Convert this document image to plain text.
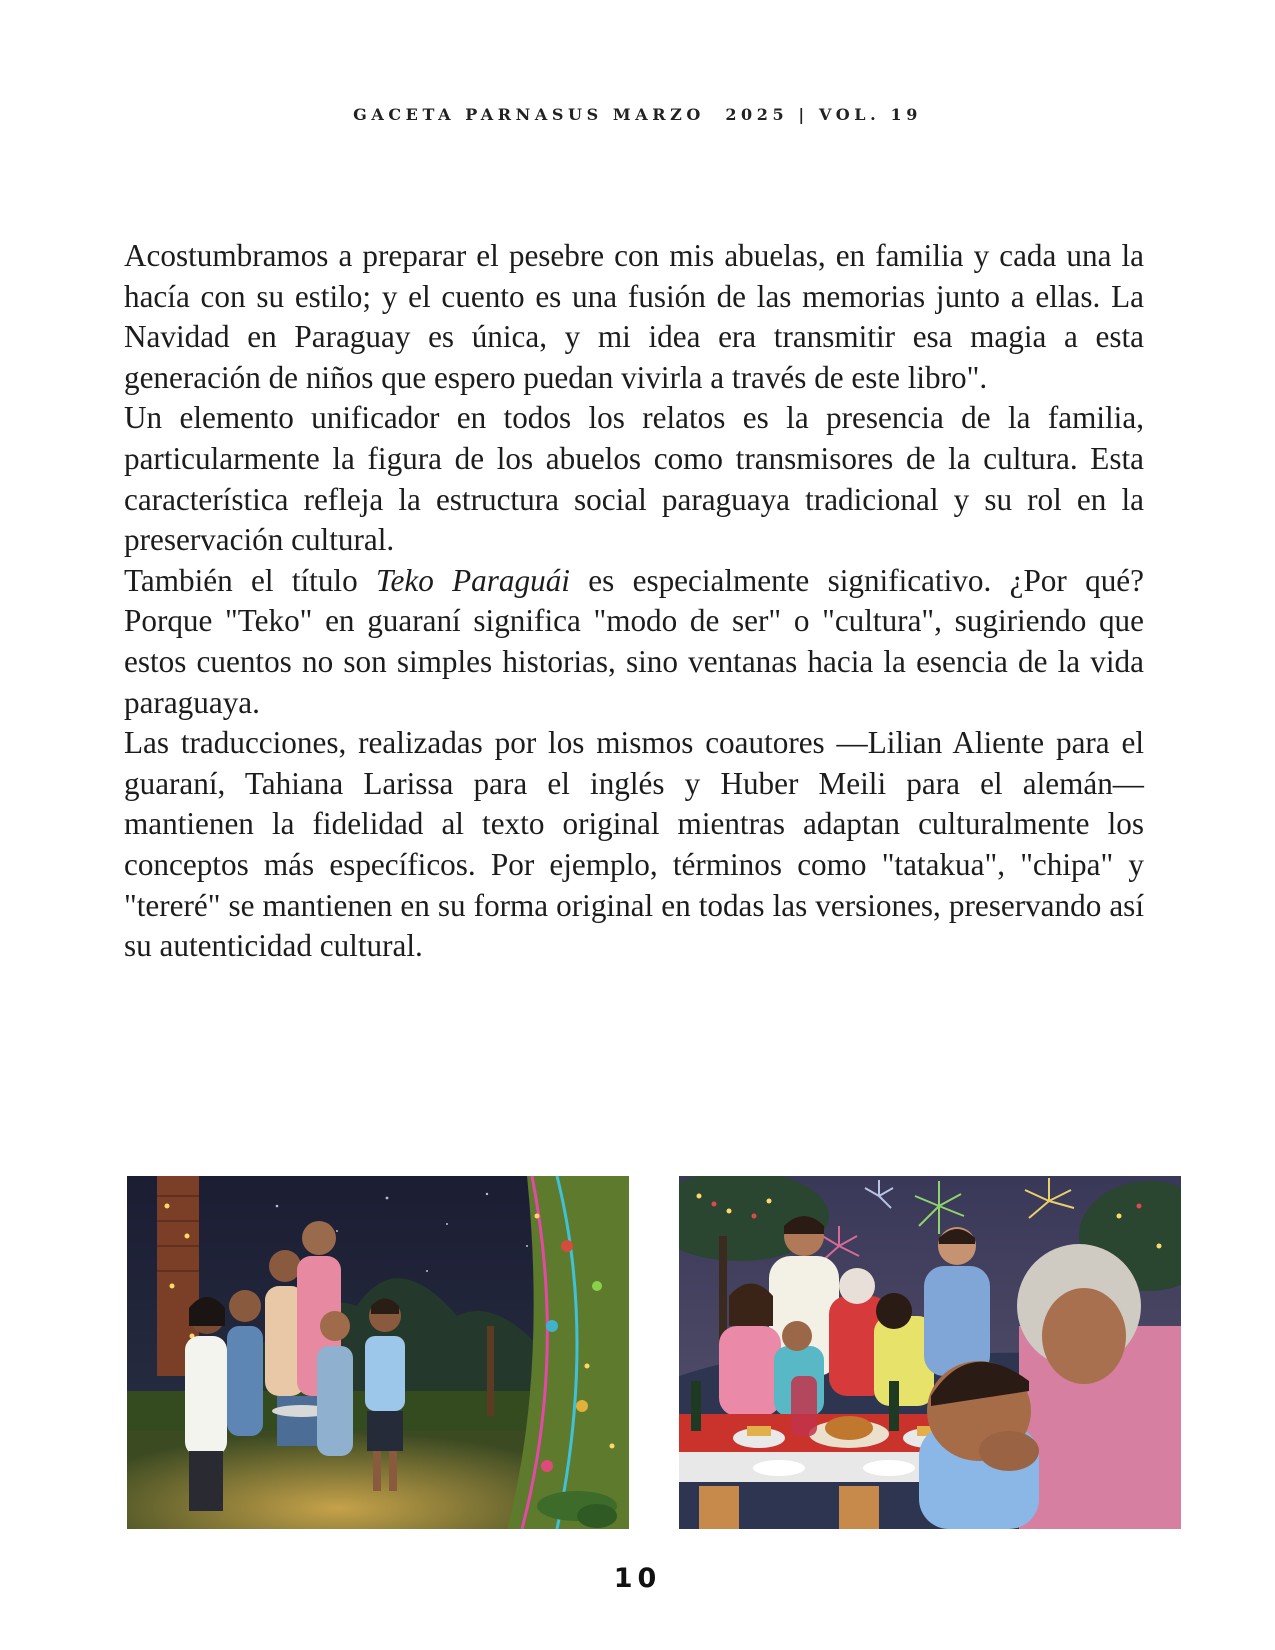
GACETA PARNASUS MARZO  2025 | VOL. 19

Acostumbramos a preparar el pesebre con mis abuelas, en familia y cada una la hacía con su estilo; y el cuento es una fusión de las memorias junto a ellas. La Navidad en Paraguay es única, y mi idea era transmitir esa magia a esta generación de niños que espero puedan vivirla a través de este libro".

Un elemento unificador en todos los relatos es la presencia de la familia, particularmente la figura de los abuelos como transmisores de la cultura. Esta característica refleja la estructura social paraguaya tradicional y su rol en la preservación cultural.

También el título Teko Paraguái es especialmente significativo. ¿Por qué? Porque "Teko" en guaraní significa "modo de ser" o "cultura", sugiriendo que estos cuentos no son simples historias, sino ventanas hacia la esencia de la vida paraguaya.

Las traducciones, realizadas por los mismos coautores —Lilian Aliente para el guaraní, Tahiana Larissa para el inglés y Huber Meili para el alemán— mantienen la fidelidad al texto original mientras adaptan culturalmente los conceptos más específicos. Por ejemplo, términos como "tatakua", "chipa" y "tereré" se mantienen en su forma original en todas las versiones, preservando así su autenticidad cultural.

10
